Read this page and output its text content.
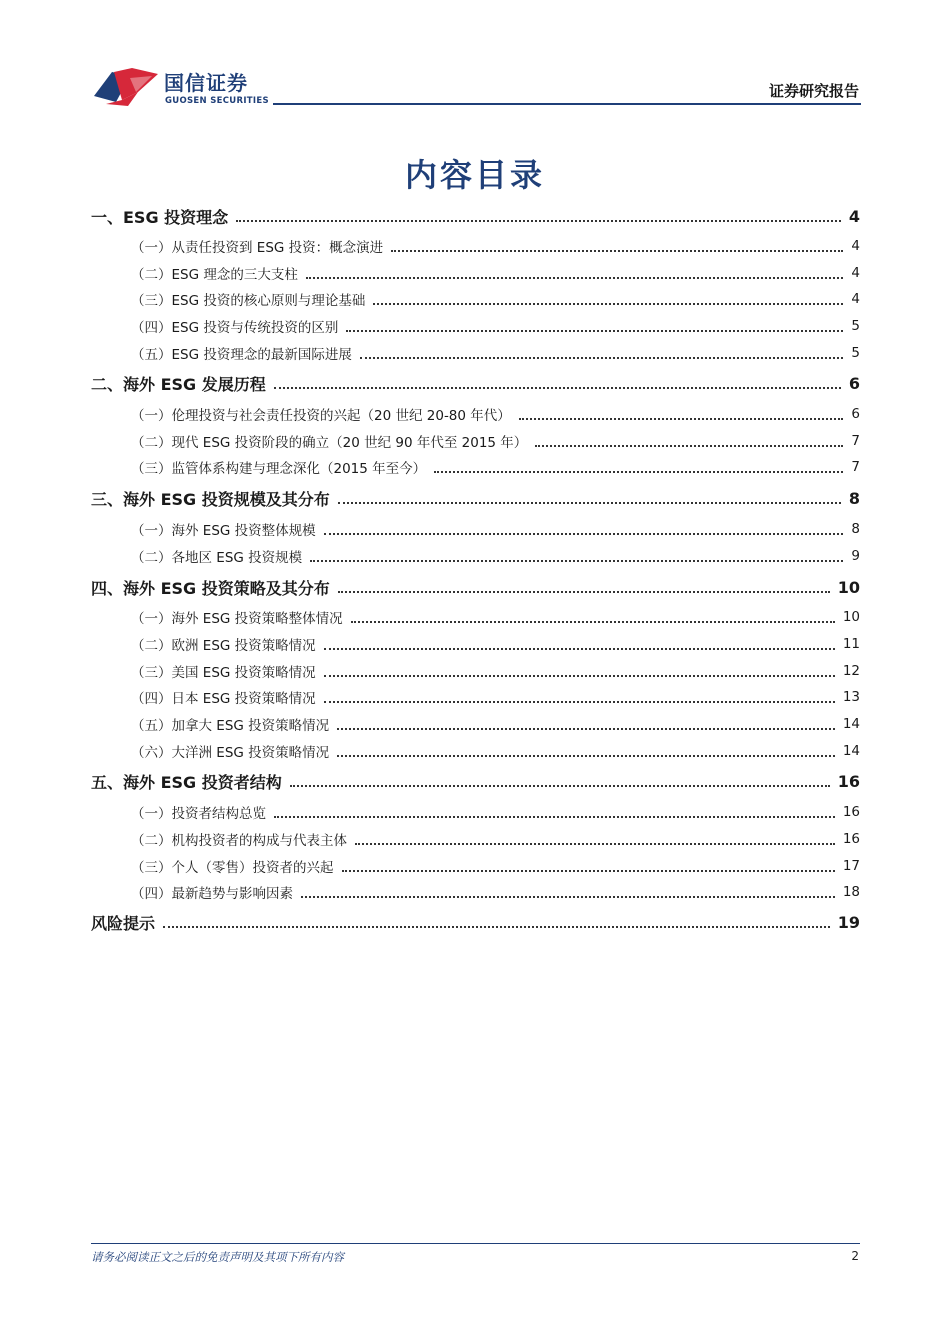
国信证券
GUOSEN SECURITIES
证券研究报告
内容目录
一、ESG 投资理念	4
（一）从责任投资到 ESG 投资：概念演进	4
（二）ESG 理念的三大支柱	4
（三）ESG 投资的核心原则与理论基础	4
（四）ESG 投资与传统投资的区别	5
（五）ESG 投资理念的最新国际进展	5
二、海外 ESG 发展历程	6
（一）伦理投资与社会责任投资的兴起（20 世纪 20-80 年代）	6
（二）现代 ESG 投资阶段的确立（20 世纪 90 年代至 2015 年）	7
（三）监管体系构建与理念深化（2015 年至今）	7
三、海外 ESG 投资规模及其分布	8
（一）海外 ESG 投资整体规模	8
（二）各地区 ESG 投资规模	9
四、海外 ESG 投资策略及其分布	10
（一）海外 ESG 投资策略整体情况	10
（二）欧洲 ESG 投资策略情况	11
（三）美国 ESG 投资策略情况	12
（四）日本 ESG 投资策略情况	13
（五）加拿大 ESG 投资策略情况	14
（六）大洋洲 ESG 投资策略情况	14
五、海外 ESG 投资者结构	16
（一）投资者结构总览	16
（二）机构投资者的构成与代表主体	16
（三）个人（零售）投资者的兴起	17
（四）最新趋势与影响因素	18
风险提示	19
请务必阅读正文之后的免责声明及其项下所有内容	2
